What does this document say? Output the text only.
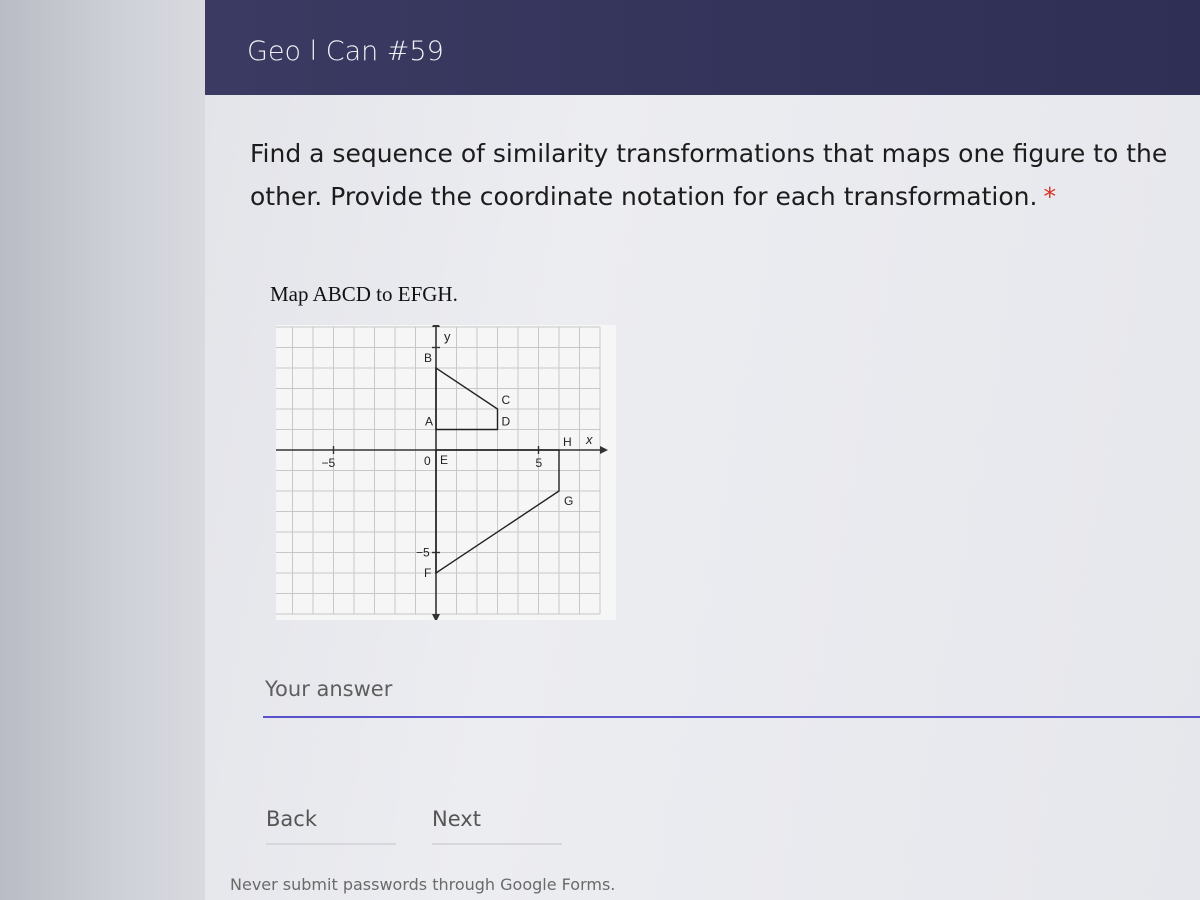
Geo l Can #59
Find a sequence of similarity transformations that maps one figure to the other. Provide the coordinate notation for each transformation. *
Map ABCD to EFGH.
A
B
C
D
E
F
G
H
y
x
−5	5
−5
0
Your answer
Back	Next
Never submit passwords through Google Forms.
